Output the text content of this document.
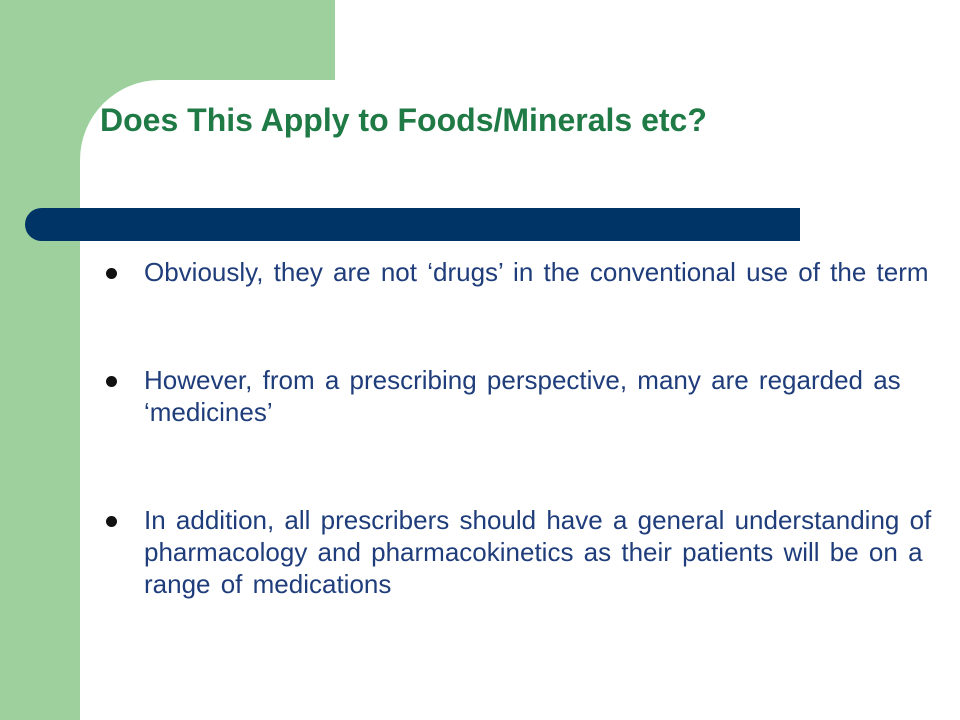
Does This Apply to Foods/Minerals etc?
Obviously, they are not ‘drugs’ in the conventional use of the term
However, from a prescribing perspective, many are regarded as ‘medicines’
In addition, all prescribers should have a general understanding of pharmacology and pharmacokinetics as their patients will be on a range of medications
